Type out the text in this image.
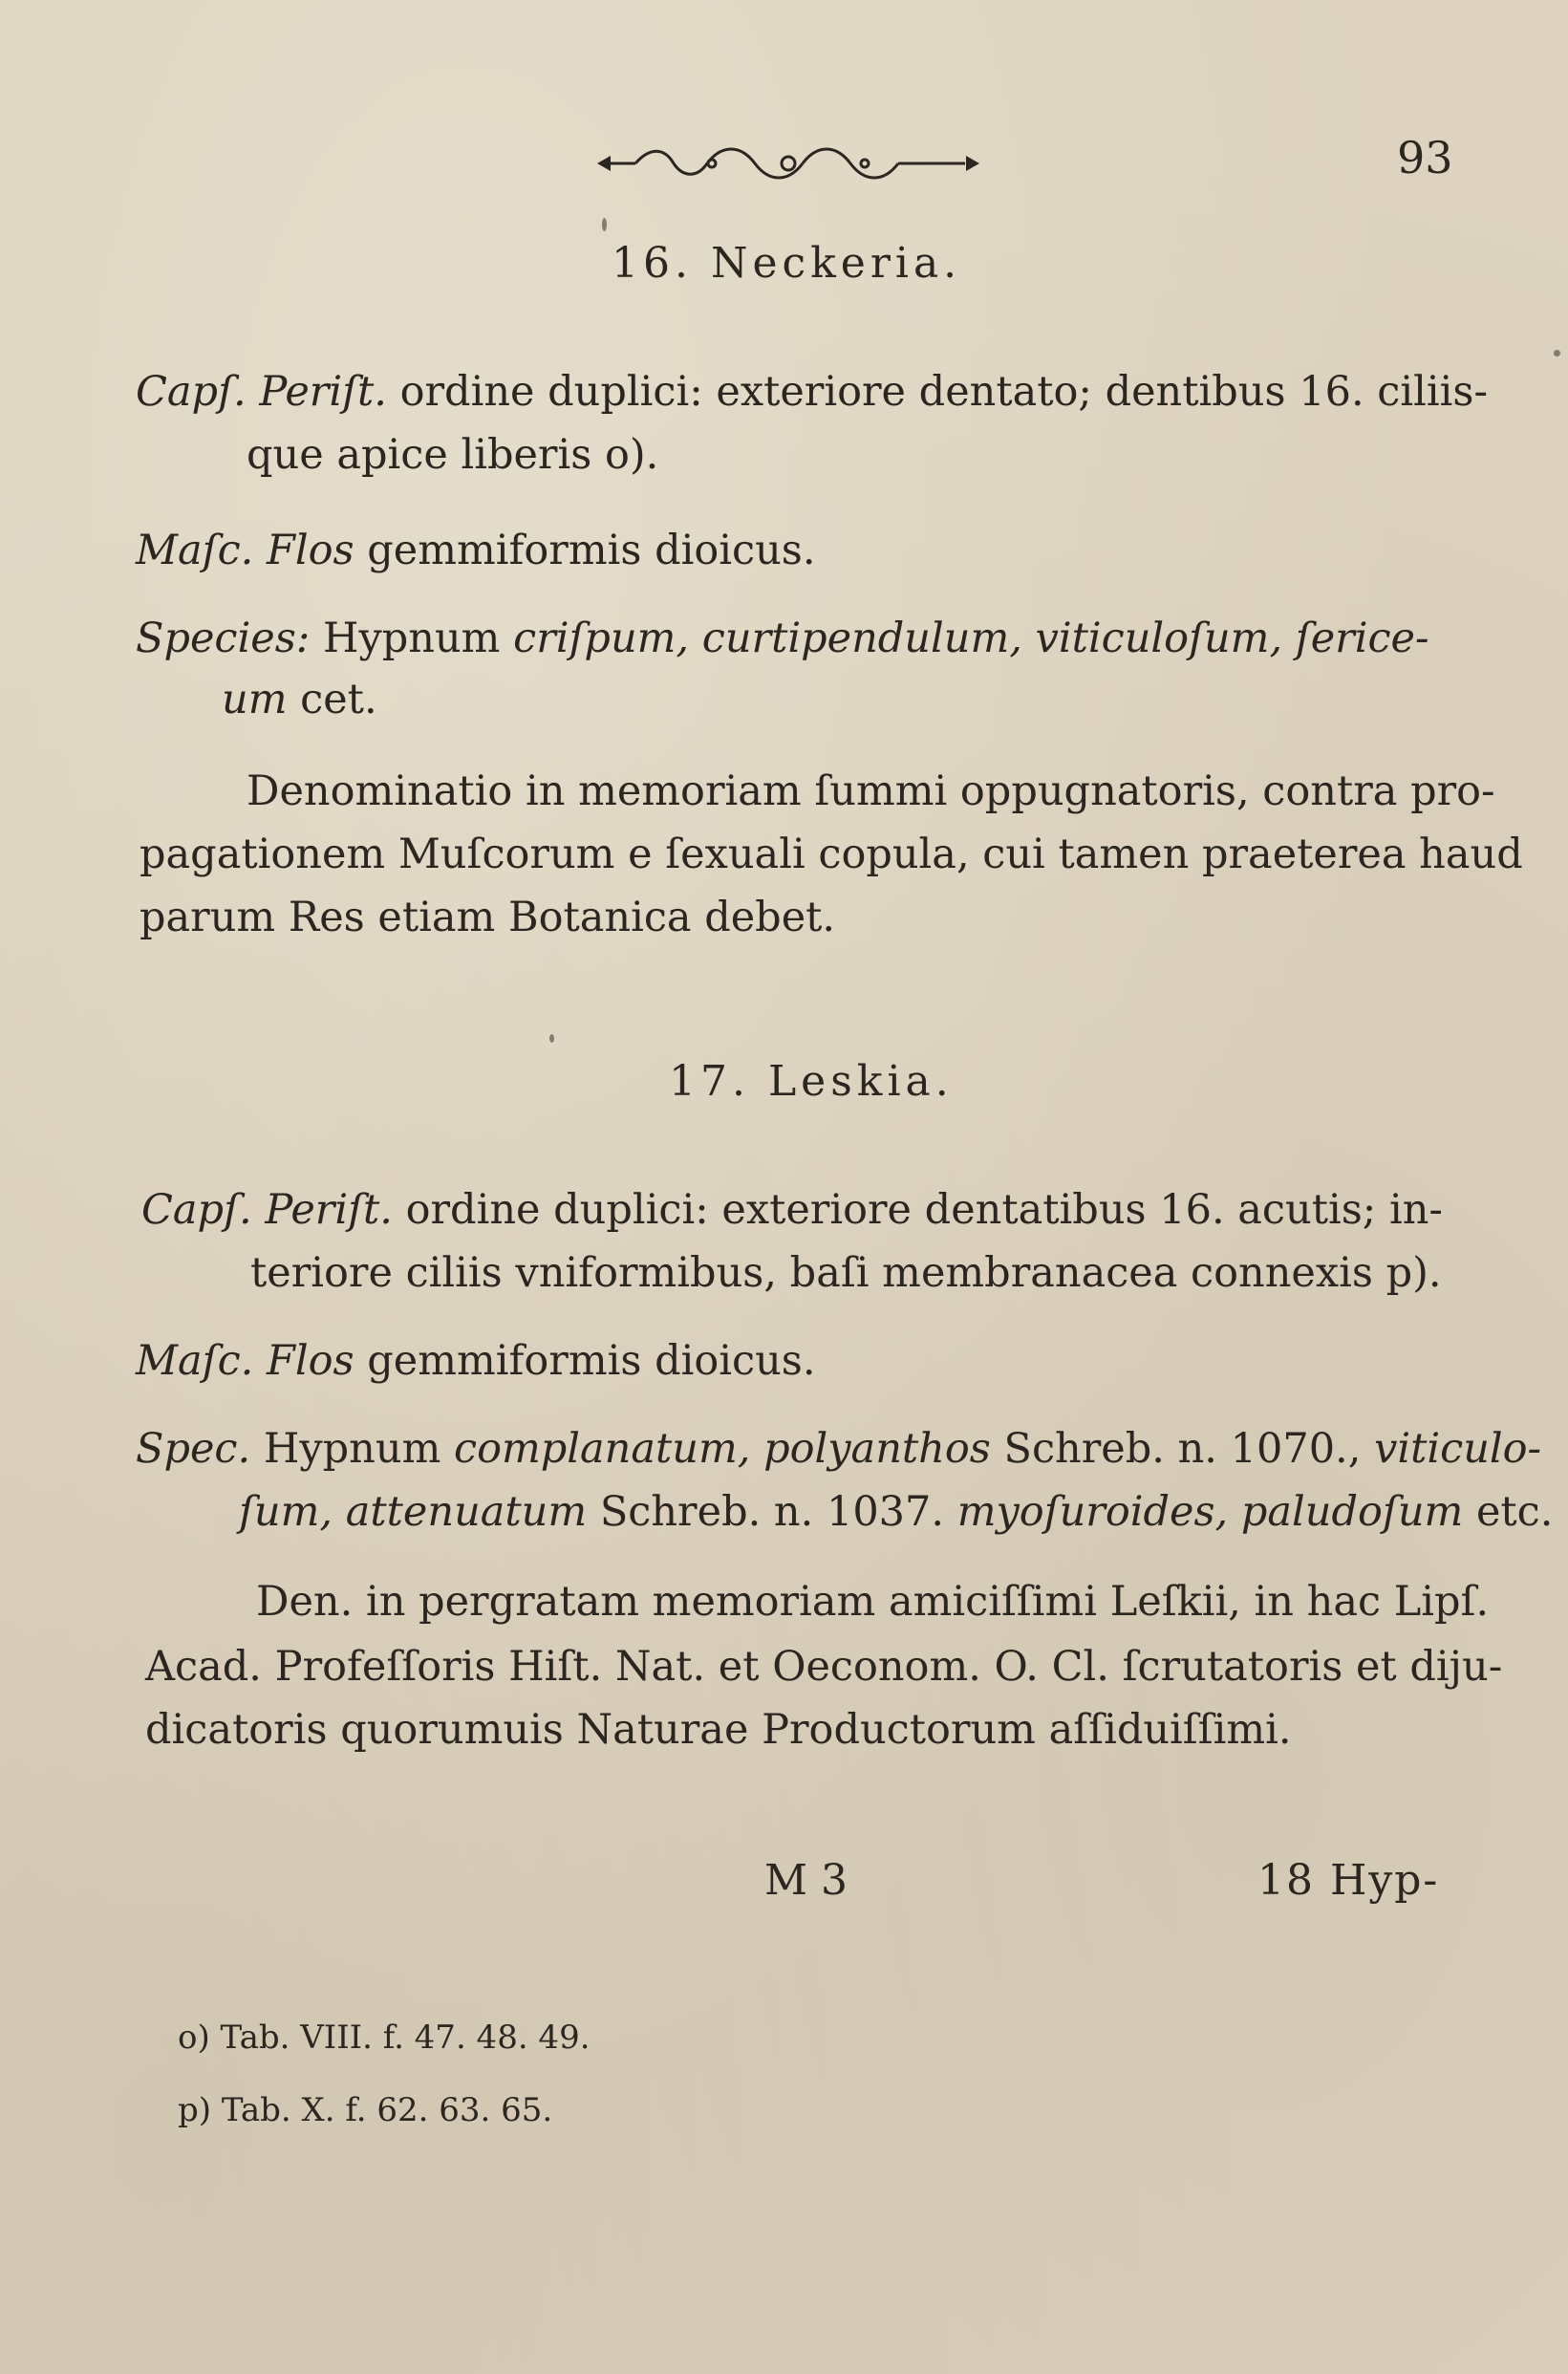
93
16. Neckeria.
Capſ. Periſt. ordine duplici: exteriore dentato; dentibus 16. ciliis-
que apice liberis o).
Maſc. Flos gemmiformis dioicus.
Species: Hypnum criſpum, curtipendulum, viticuloſum, ſerice-
um cet.
Denominatio in memoriam ſummi oppugnatoris, contra pro-
pagationem Muſcorum e ſexuali copula, cui tamen praeterea haud
parum Res etiam Botanica debet.
17. Leskia.
Capſ. Periſt. ordine duplici: exteriore dentatibus 16. acutis; in-
teriore ciliis vniformibus, baſi membranacea connexis p).
Maſc. Flos gemmiformis dioicus.
Spec. Hypnum complanatum, polyanthos Schreb. n. 1070., viticulo-
ſum, attenuatum Schreb. n. 1037. myoſuroides, paludoſum etc.
Den. in pergratam memoriam amiciſſimi Leſkii, in hac Lipſ.
Acad. Profeſſoris Hiſt. Nat. et Oeconom. O. Cl. ſcrutatoris et diju-
dicatoris quorumuis Naturae Productorum aſſiduiſſimi.
M 3	18 Hyp-
o) Tab. VIII. f. 47. 48. 49.
p) Tab. X. f. 62. 63. 65.
